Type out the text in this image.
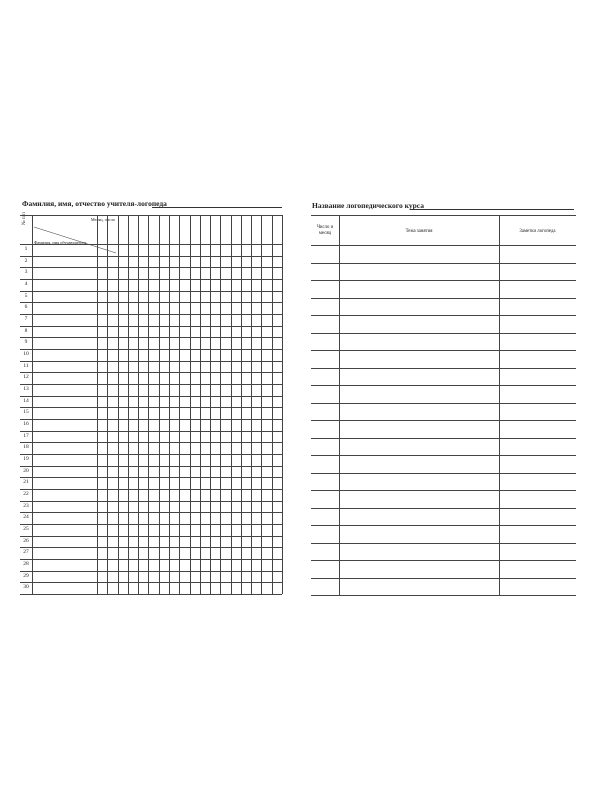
Фамилия, имя, отчество учителя-логопеда
№ п/п	Месяц, число
Фамилия, имя обучающегося
1
2
3
4
5
6
7
8
9
10
11
12
13
14
15
16
17
18
19
20
21
22
23
24
25
26
27
28
29
30
Название логопедического курса
Число и месяц	Тема занятия	Заметки логопеда
